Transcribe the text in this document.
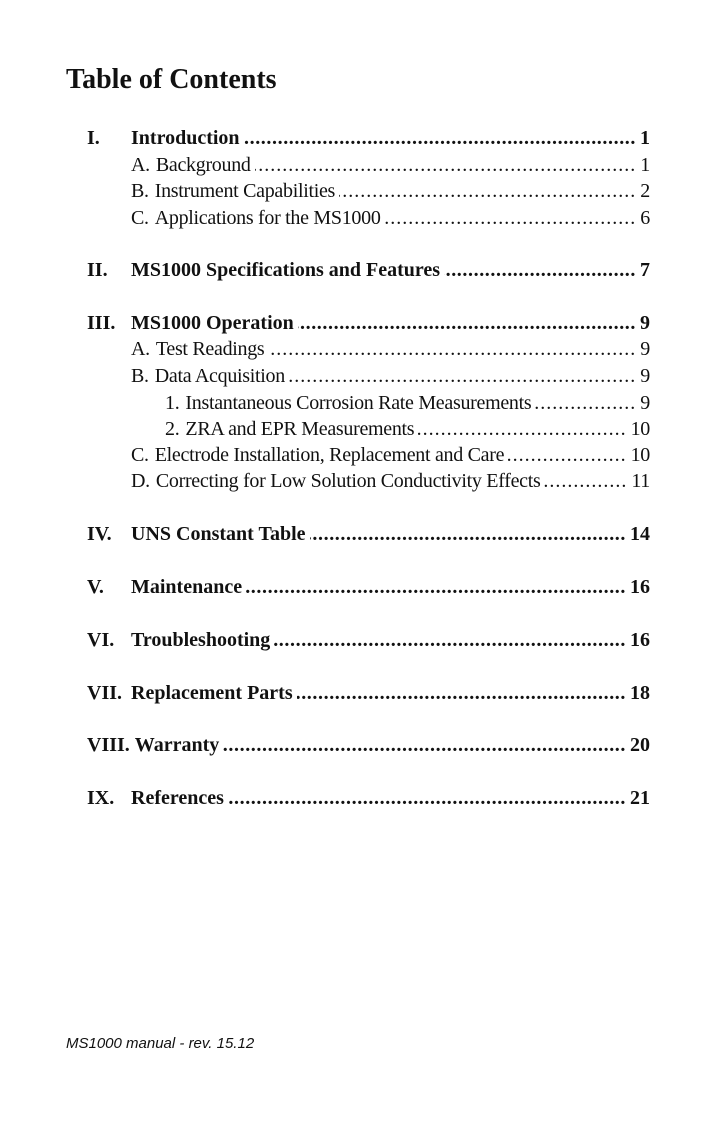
Table of Contents
I.	Introduction .....	1
A. Background .....	1
B. Instrument Capabilities .....	2
C. Applications for the MS1000 .....	6
II.	MS1000 Specifications and Features .....	7
III. MS1000 Operation .....	9
A. Test Readings .....	9
B. Data Acquisition .....	9
1. Instantaneous Corrosion Rate Measurements .....	9
2. ZRA and EPR Measurements .....	10
C. Electrode Installation, Replacement and Care .....	10
D. Correcting for Low Solution Conductivity Effects .....	11
IV. UNS Constant Table .....	14
V.	Maintenance .....	16
VI. Troubleshooting .....	16
VII. Replacement Parts .....	18
VIII. Warranty .....	20
IX. References .....	21

MS1000 manual - rev. 15.12
